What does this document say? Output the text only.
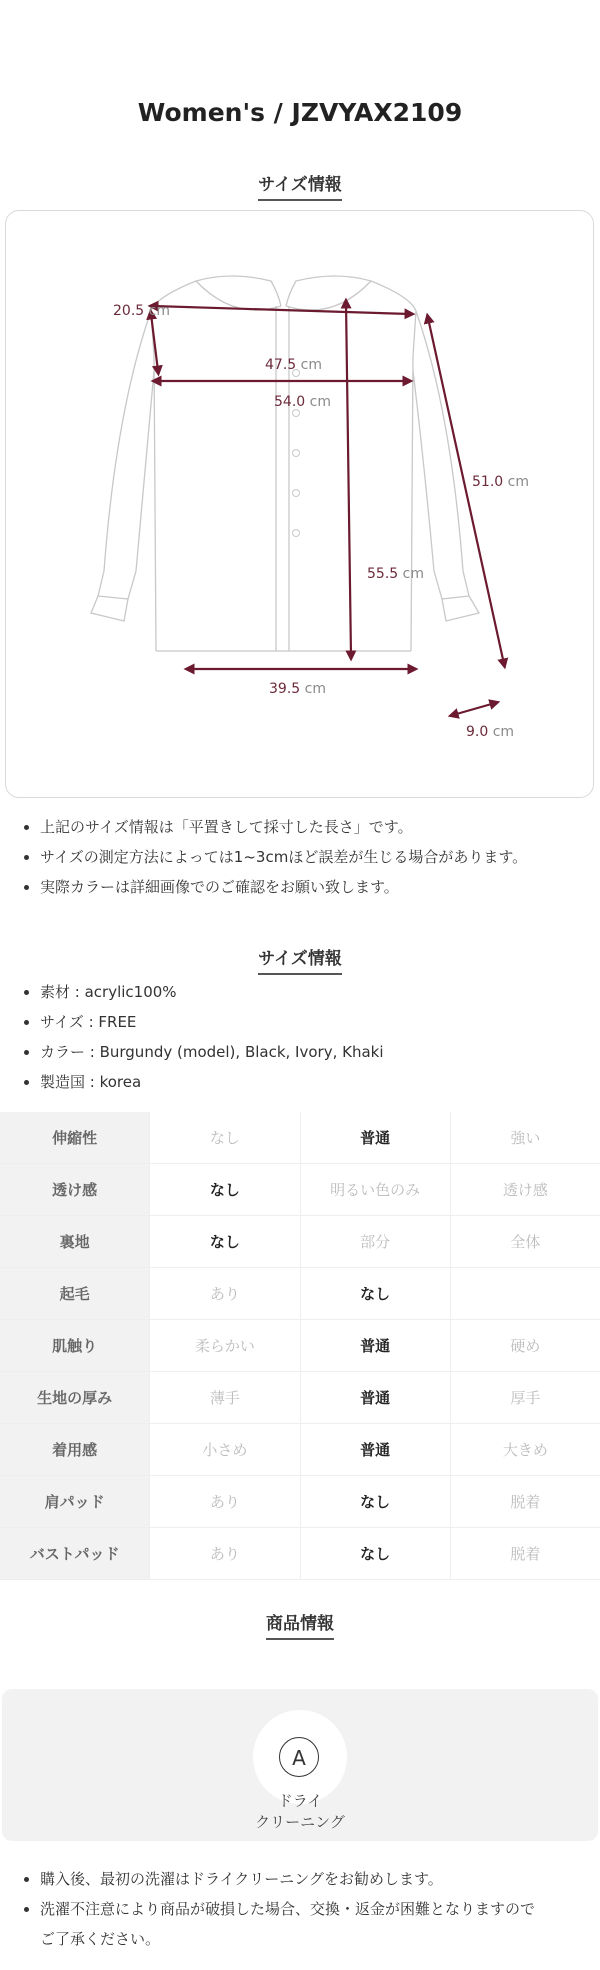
Women's / JZVYAX2109
サイズ情報
20.5 cm
47.5 cm
54.0 cm
51.0 cm
55.5 cm
39.5 cm
9.0 cm
• 上記のサイズ情報は「平置きして採寸した長さ」です。
• サイズの測定方法によっては1~3cmほど誤差が生じる場合があります。
• 実際カラーは詳細画像でのご確認をお願い致します。
サイズ情報
• 素材 : acrylic100%
• サイズ : FREE
• カラー : Burgundy (model), Black, Ivory, Khaki
• 製造国 : korea
伸縮性	なし	普通	強い
透け感	なし	明るい色のみ	透け感
裏地	なし	部分	全体
起毛	あり	なし	
肌触り	柔らかい	普通	硬め
生地の厚み	薄手	普通	厚手
着用感	小さめ	普通	大きめ
肩パッド	あり	なし	脱着
バストパッド	あり	なし	脱着
商品情報
A
ドライ
クリーニング
• 購入後、最初の洗濯はドライクリーニングをお勧めします。
• 洗濯不注意により商品が破損した場合、交換・返金が困難となりますので
ご了承ください。
